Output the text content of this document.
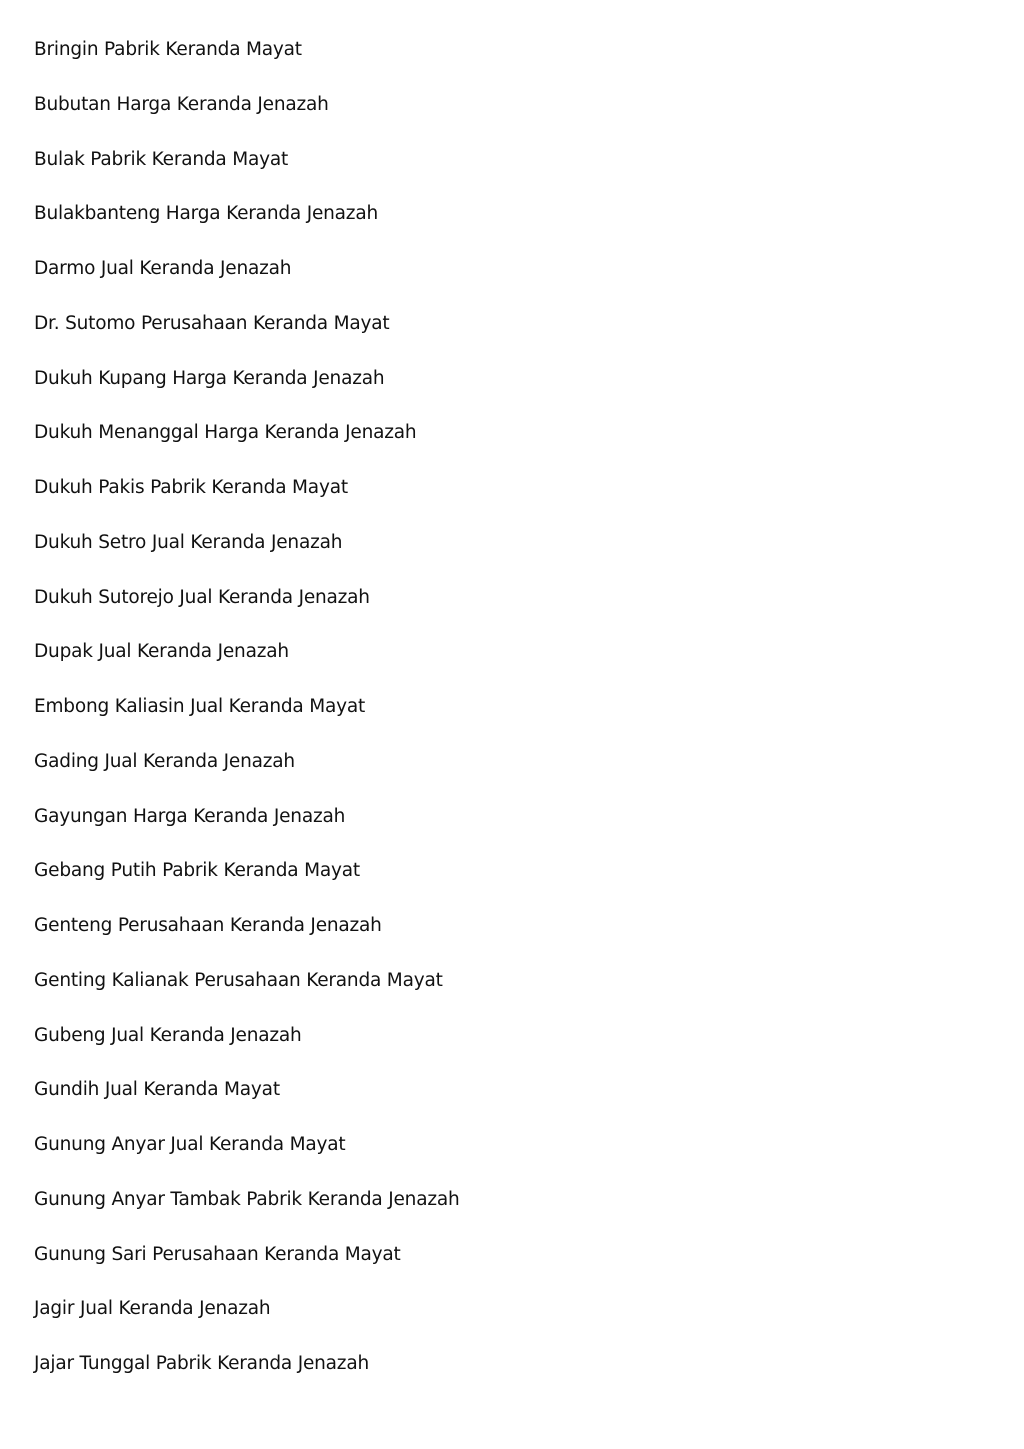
Bringin Pabrik Keranda Mayat
Bubutan Harga Keranda Jenazah
Bulak Pabrik Keranda Mayat
Bulakbanteng Harga Keranda Jenazah
Darmo Jual Keranda Jenazah
Dr. Sutomo Perusahaan Keranda Mayat
Dukuh Kupang Harga Keranda Jenazah
Dukuh Menanggal Harga Keranda Jenazah
Dukuh Pakis Pabrik Keranda Mayat
Dukuh Setro Jual Keranda Jenazah
Dukuh Sutorejo Jual Keranda Jenazah
Dupak Jual Keranda Jenazah
Embong Kaliasin Jual Keranda Mayat
Gading Jual Keranda Jenazah
Gayungan Harga Keranda Jenazah
Gebang Putih Pabrik Keranda Mayat
Genteng Perusahaan Keranda Jenazah
Genting Kalianak Perusahaan Keranda Mayat
Gubeng Jual Keranda Jenazah
Gundih Jual Keranda Mayat
Gunung Anyar Jual Keranda Mayat
Gunung Anyar Tambak Pabrik Keranda Jenazah
Gunung Sari Perusahaan Keranda Mayat
Jagir Jual Keranda Jenazah
Jajar Tunggal Pabrik Keranda Jenazah
